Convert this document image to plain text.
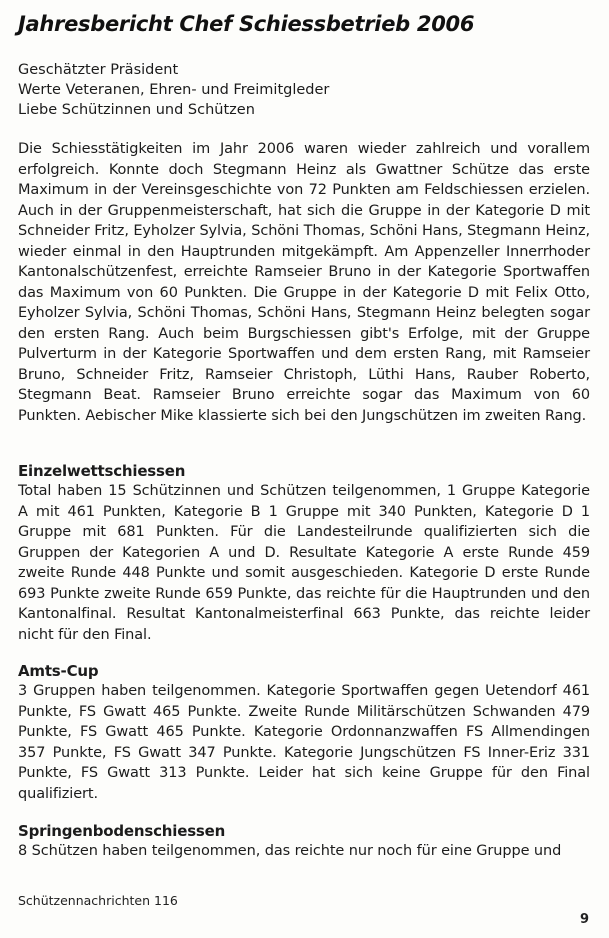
Jahresbericht Chef Schiessbetrieb 2006
Geschätzter Präsident
Werte Veteranen, Ehren- und Freimitgleder
Liebe Schützinnen und Schützen

Die Schiesstätigkeiten im Jahr 2006 waren wieder zahlreich und vorallem erfolgreich. Konnte doch Stegmann Heinz als Gwattner Schütze das erste Maximum in der Vereinsgeschichte von 72 Punkten am Feldschiessen erzielen. Auch in der Gruppenmeisterschaft, hat sich die Gruppe in der Kategorie D mit Schneider Fritz, Eyholzer Sylvia, Schöni Thomas, Schöni Hans, Stegmann Heinz, wieder einmal in den Hauptrunden mitgekämpft. Am Appenzeller Innerrhoder Kantonalschützenfest, erreichte Ramseier Bruno in der Kategorie Sportwaffen das Maximum von 60 Punkten. Die Gruppe in der Kategorie D mit Felix Otto, Eyholzer Sylvia, Schöni Thomas, Schöni Hans, Stegmann Heinz belegten sogar den ersten Rang. Auch beim Burgschiessen gibt's Erfolge, mit der Gruppe Pulverturm in der Kategorie Sportwaffen und dem ersten Rang, mit Ramseier Bruno, Schneider Fritz, Ramseier Christoph, Lüthi Hans, Rauber Roberto, Stegmann Beat. Ramseier Bruno erreichte sogar das Maximum von 60 Punkten. Aebischer Mike klassierte sich bei den Jungschützen im zweiten Rang.

Einzelwettschiessen

Total haben 15 Schützinnen und Schützen teilgenommen, 1 Gruppe Kategorie A mit 461 Punkten, Kategorie B 1 Gruppe mit 340 Punkten, Kategorie D 1 Gruppe mit 681 Punkten. Für die Landesteilrunde qualifizierten sich die Gruppen der Kategorien A und D. Resultate Kategorie A erste Runde 459 zweite Runde 448 Punkte und somit ausgeschieden. Kategorie D erste Runde 693 Punkte zweite Runde 659 Punkte, das reichte für die Hauptrunden und den Kantonalfinal. Resultat Kantonalmeisterfinal 663 Punkte, das reichte leider nicht für den Final.

Amts-Cup

3 Gruppen haben teilgenommen. Kategorie Sportwaffen gegen Uetendorf 461 Punkte, FS Gwatt 465 Punkte. Zweite Runde Militärschützen Schwanden 479 Punkte, FS Gwatt 465 Punkte. Kategorie Ordonnanzwaffen FS Allmendingen 357 Punkte, FS Gwatt 347 Punkte. Kategorie Jungschützen FS Inner-Eriz 331 Punkte, FS Gwatt 313 Punkte. Leider hat sich keine Gruppe für den Final qualifiziert.

Springenbodenschiessen

8 Schützen haben teilgenommen, das reichte nur noch für eine Gruppe und

Schützennachrichten 116
9
